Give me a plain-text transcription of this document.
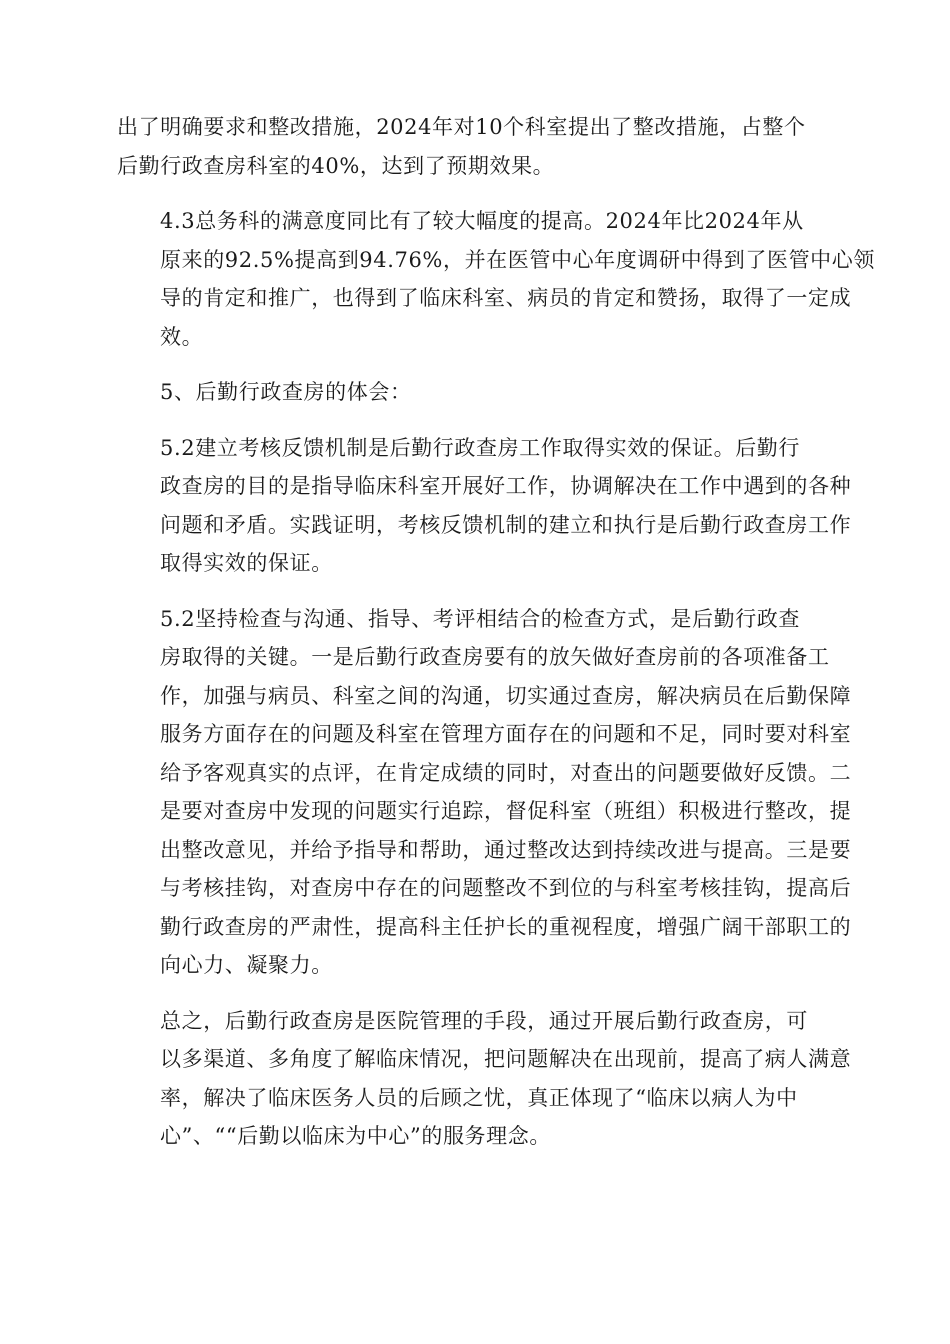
出了明确要求和整改措施，2024年对10个科室提出了整改措施，占整个
后勤行政查房科室的40%，达到了预期效果。

4.3总务科的满意度同比有了较大幅度的提高。2024年比2024年从
原来的92.5%提高到94.76%，并在医管中心年度调研中得到了医管中心领
导的肯定和推广，也得到了临床科室、病员的肯定和赞扬，取得了一定成
效。

5、后勤行政查房的体会：

5.2建立考核反馈机制是后勤行政查房工作取得实效的保证。后勤行
政查房的目的是指导临床科室开展好工作，协调解决在工作中遇到的各种
问题和矛盾。实践证明，考核反馈机制的建立和执行是后勤行政查房工作
取得实效的保证。

5.2坚持检查与沟通、指导、考评相结合的检查方式，是后勤行政查
房取得的关键。一是后勤行政查房要有的放矢做好查房前的各项准备工
作，加强与病员、科室之间的沟通，切实通过查房，解决病员在后勤保障
服务方面存在的问题及科室在管理方面存在的问题和不足，同时要对科室
给予客观真实的点评，在肯定成绩的同时，对查出的问题要做好反馈。二
是要对查房中发现的问题实行追踪，督促科室（班组）积极进行整改，提
出整改意见，并给予指导和帮助，通过整改达到持续改进与提高。三是要
与考核挂钩，对查房中存在的问题整改不到位的与科室考核挂钩，提高后
勤行政查房的严肃性，提高科主任护长的重视程度，增强广阔干部职工的
向心力、凝聚力。

总之，后勤行政查房是医院管理的手段，通过开展后勤行政查房，可
以多渠道、多角度了解临床情况，把问题解决在出现前，提高了病人满意
率，解决了临床医务人员的后顾之忧，真正体现了“临床以病人为中
心”、““后勤以临床为中心”的服务理念。
